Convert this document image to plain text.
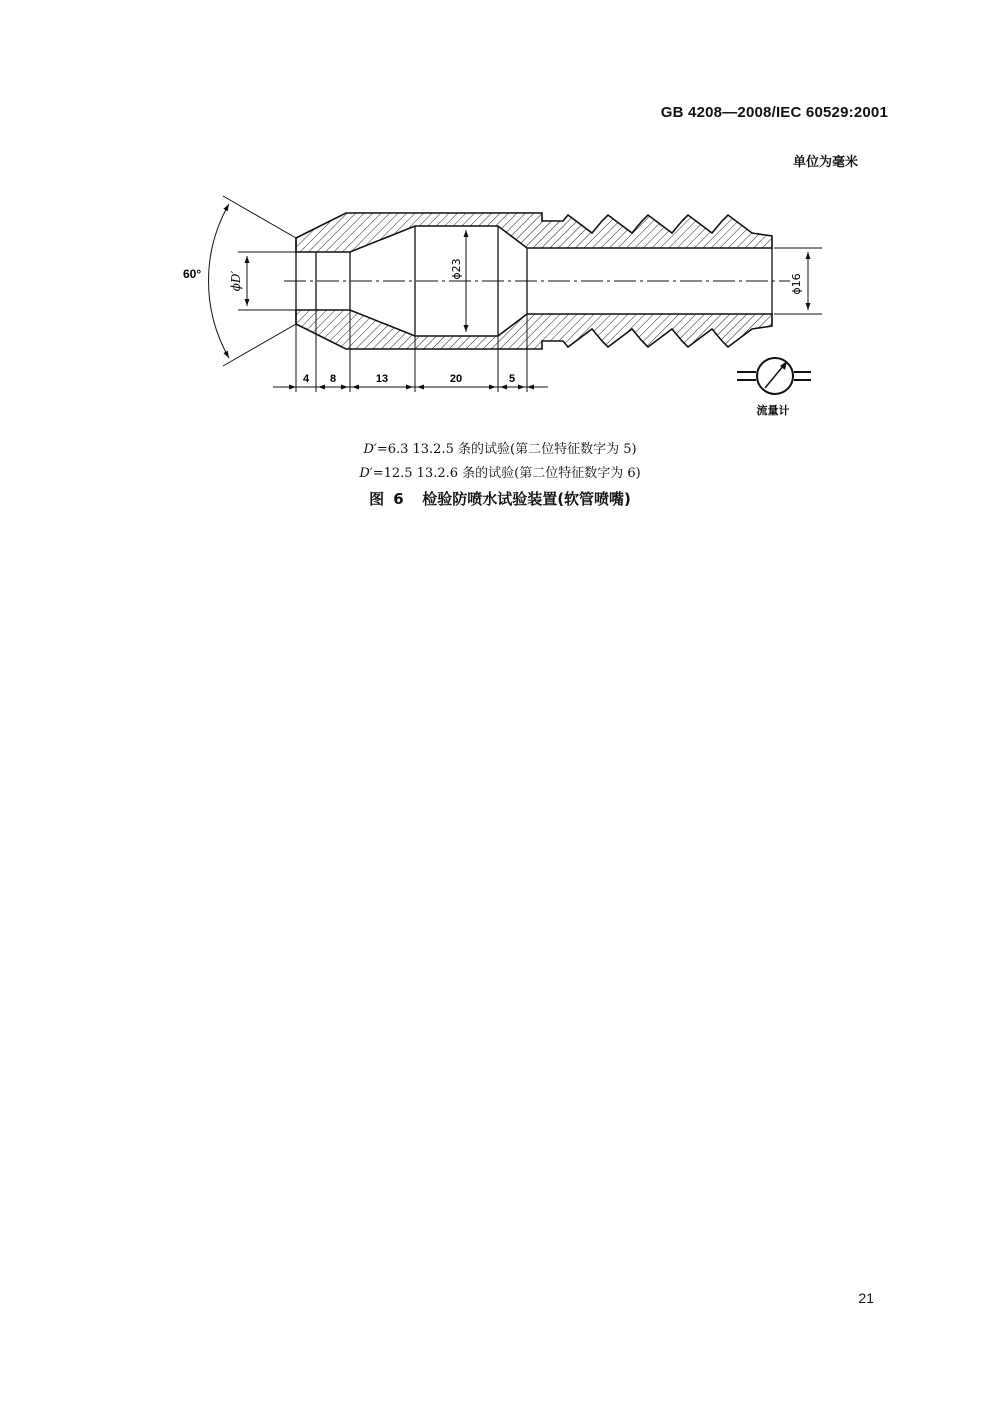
GB 4208—2008/IEC 60529:2001
单位为毫米
60° ϕD′
ϕ23
ϕ16
4 8	13	20	5
流量计
D′=6.3 13.2.5 条的试验(第二位特征数字为 5)
D′=12.5 13.2.6 条的试验(第二位特征数字为 6)
图 6 检验防喷水试验装置(软管喷嘴)
21
